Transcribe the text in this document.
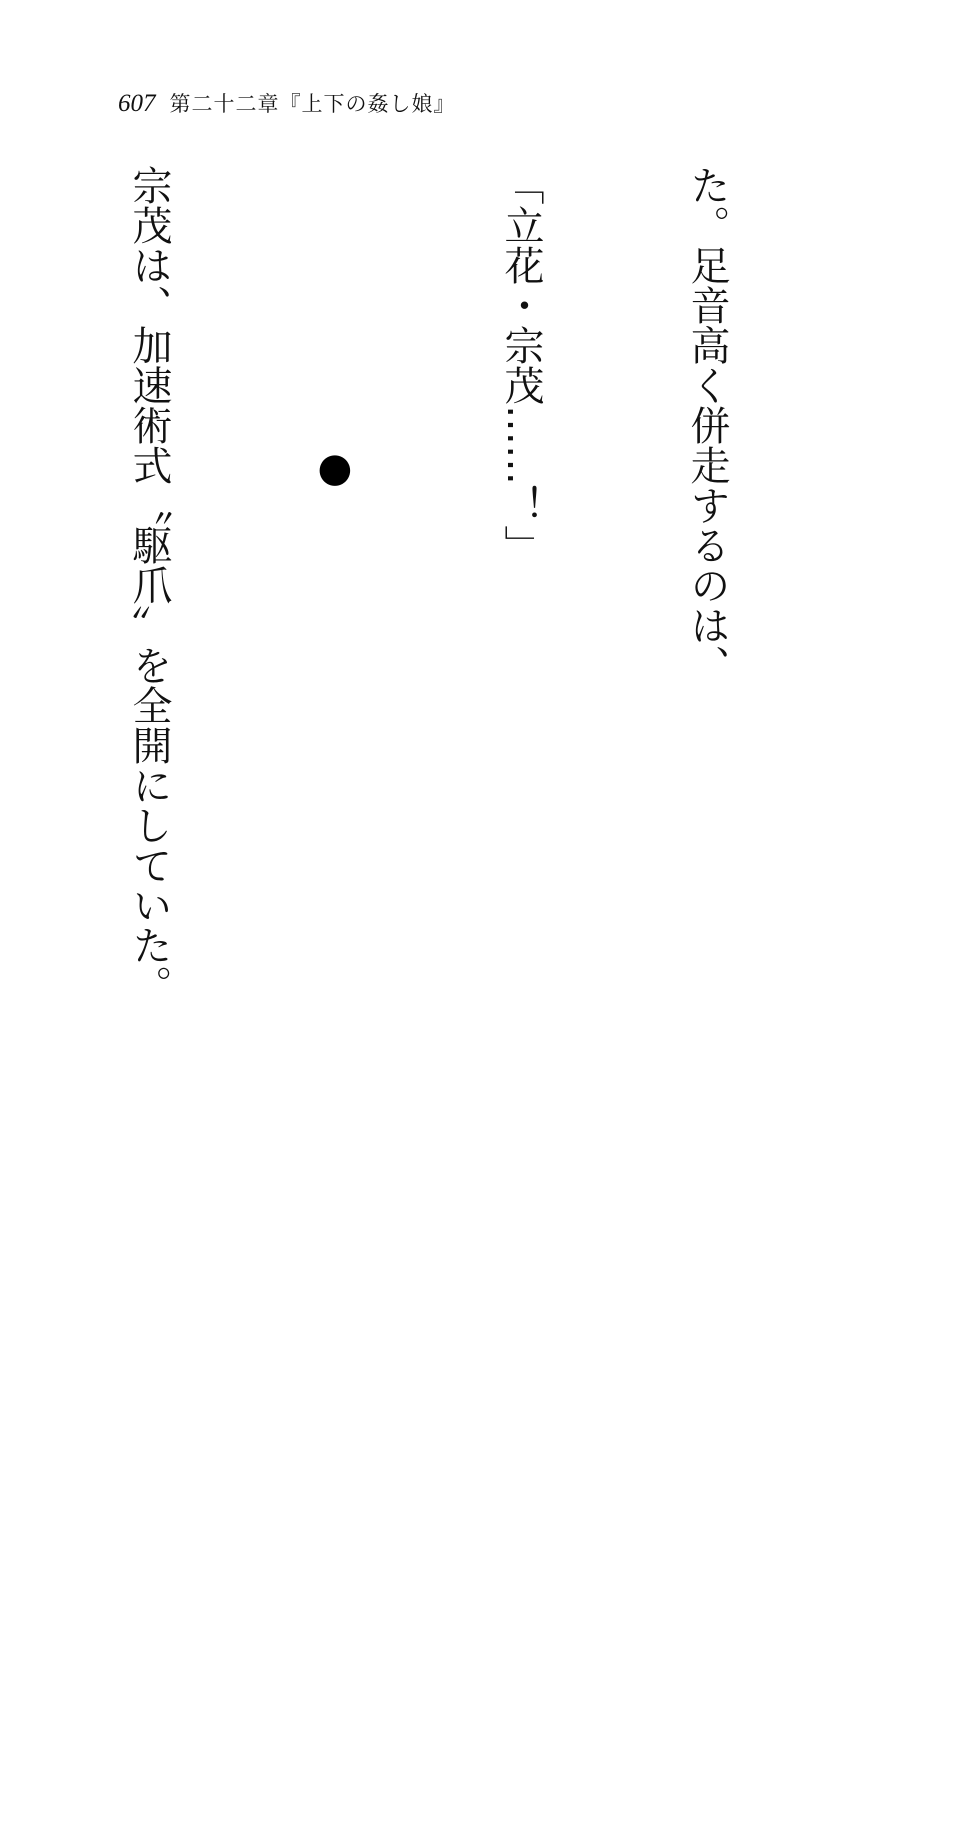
607 第二十二章『上下の姦し娘』

た。足音高く併走するのは、

「立花・宗茂……！」

　　　　　　　●

宗茂は、加速術式〝駆爪〟を全開にしていた。
